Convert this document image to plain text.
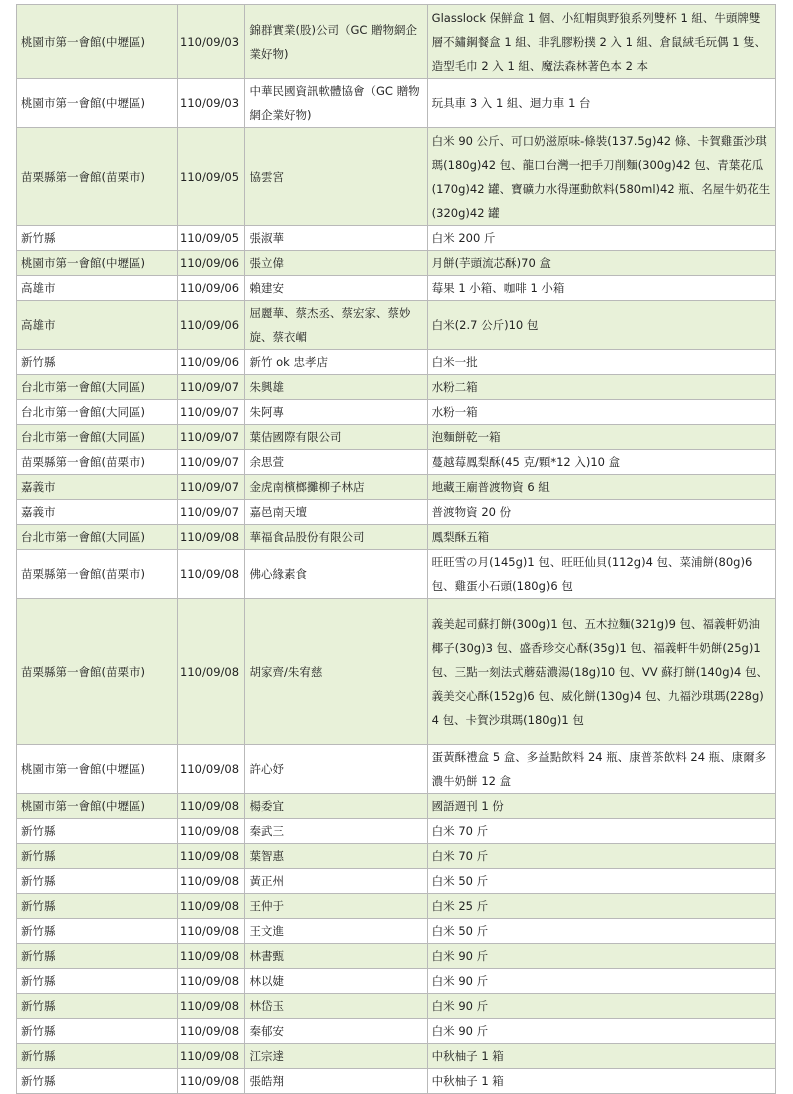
桃園市第一會館(中壢區)	110/09/03	錦群實業(股)公司（GC 贈物網企業好物)	Glasslock 保鮮盒 1 個、小紅帽與野狼系列雙杯 1 組、牛頭牌雙層不鏽鋼餐盒 1 組、非乳膠粉撲 2 入 1 組、倉鼠絨毛玩偶 1 隻、造型毛巾 2 入 1 組、魔法森林著色本 2 本
桃園市第一會館(中壢區)	110/09/03	中華民國資訊軟體協會（GC 贈物網企業好物)	玩具車 3 入 1 組、迴力車 1 台
苗栗縣第一會館(苗栗市)	110/09/05	協雲宮	白米 90 公斤、可口奶滋原味-條裝(137.5g)42 條、卡賀雞蛋沙琪瑪(180g)42 包、龍口台灣一把手刀削麵(300g)42 包、青葉花瓜(170g)42 罐、寶礦力水得運動飲料(580ml)42 瓶、名屋牛奶花生(320g)42 罐
新竹縣	110/09/05	張淑華	白米 200 斤
桃園市第一會館(中壢區)	110/09/06	張立偉	月餅(芋頭流芯酥)70 盒
高雄市	110/09/06	賴建安	莓果 1 小箱、咖啡 1 小箱
高雄市	110/09/06	屈麗華、蔡杰丞、蔡宏家、蔡妙旋、蔡衣嵋	白米(2.7 公斤)10 包
新竹縣	110/09/06	新竹 ok 忠孝店	白米一批
台北市第一會館(大同區)	110/09/07	朱興雄	水粉二箱
台北市第一會館(大同區)	110/09/07	朱阿專	水粉一箱
台北市第一會館(大同區)	110/09/07	葉佶國際有限公司	泡麵餅乾一箱
苗栗縣第一會館(苗栗市)	110/09/07	余思萱	蔓越莓鳳梨酥(45 克/顆*12 入)10 盒
嘉義市	110/09/07	金虎南檳榔攤柳子林店	地藏王廟普渡物資 6 組
嘉義市	110/09/07	嘉邑南天壇	普渡物資 20 份
台北市第一會館(大同區)	110/09/08	華福食品股份有限公司	鳳梨酥五箱
苗栗縣第一會館(苗栗市)	110/09/08	佛心緣素食	旺旺雪の月(145g)1 包、旺旺仙貝(112g)4 包、菜浦餅(80g)6 包、雞蛋小石頭(180g)6 包
苗栗縣第一會館(苗栗市)	110/09/08	胡家齊/朱宥慈	義美起司蘇打餅(300g)1 包、五木拉麵(321g)9 包、福義軒奶油椰子(30g)3 包、盛香珍交心酥(35g)1 包、福義軒牛奶餅(25g)1 包、三點一刻法式蘑菇濃湯(18g)10 包、VV 蘇打餅(140g)4 包、義美交心酥(152g)6 包、威化餅(130g)4 包、九福沙琪瑪(228g)4 包、卡賀沙琪瑪(180g)1 包
桃園市第一會館(中壢區)	110/09/08	許心妤	蛋黃酥禮盒 5 盒、多益點飲料 24 瓶、康普茶飲料 24 瓶、康爾多濃牛奶餅 12 盒
桃園市第一會館(中壢區)	110/09/08	楊委宜	國語週刊 1 份
新竹縣	110/09/08	秦武三	白米 70 斤
新竹縣	110/09/08	葉智惠	白米 70 斤
新竹縣	110/09/08	黃正州	白米 50 斤
新竹縣	110/09/08	王仲于	白米 25 斤
新竹縣	110/09/08	王文進	白米 50 斤
新竹縣	110/09/08	林書甄	白米 90 斤
新竹縣	110/09/08	林以婕	白米 90 斤
新竹縣	110/09/08	林岱玉	白米 90 斤
新竹縣	110/09/08	秦郁安	白米 90 斤
新竹縣	110/09/08	江宗達	中秋柚子 1 箱
新竹縣	110/09/08	張皓翔	中秋柚子 1 箱
